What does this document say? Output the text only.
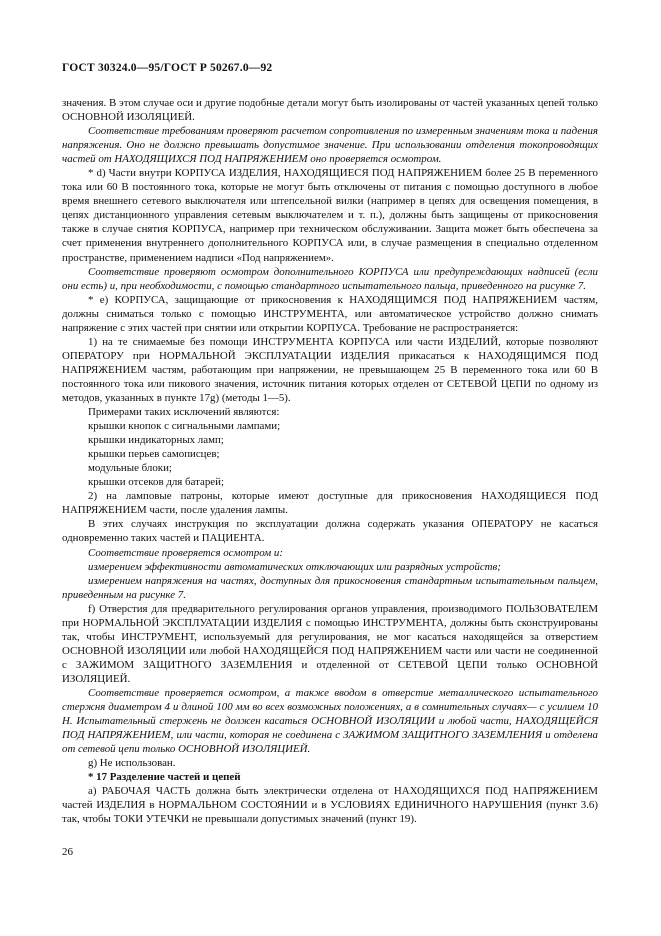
ГОСТ 30324.0—95/ГОСТ Р 50267.0—92

значения. В этом случае оси и другие подобные детали могут быть изолированы от частей указанных цепей только ОСНОВНОЙ ИЗОЛЯЦИЕЙ.

Соответствие требованиям проверяют расчетом сопротивления по измеренным значениям тока и падения напряжения. Оно не должно превышать допустимое значение. При использовании отделения токопроводящих частей от НАХОДЯЩИХСЯ ПОД НАПРЯЖЕНИЕМ оно проверяется осмотром.

* d) Части внутри КОРПУСА ИЗДЕЛИЯ, НАХОДЯЩИЕСЯ ПОД НАПРЯЖЕНИЕМ более 25 В переменного тока или 60 В постоянного тока, которые не могут быть отключены от питания с помощью доступного в любое время внешнего сетевого выключателя или штепсельной вилки (например в цепях для освещения помещения, в цепях дистанционного управления сетевым выключателем и т. п.), должны быть защищены от прикосновения также в случае снятия КОРПУСА, например при техническом обслуживании. Защита может быть обеспечена за счет применения внутреннего дополнительного КОРПУСА или, в случае размещения в специально отделенном пространстве, применением надписи «Под напряжением».

Соответствие проверяют осмотром дополнительного КОРПУСА или предупреждающих надписей (если они есть) и, при необходимости, с помощью стандартного испытательного пальца, приведенного на рисунке 7.

* е) КОРПУСА, защищающие от прикосновения к НАХОДЯЩИМСЯ ПОД НАПРЯЖЕНИЕМ частям, должны сниматься только с помощью ИНСТРУМЕНТА, или автоматическое устройство должно снимать напряжение с этих частей при снятии или открытии КОРПУСА. Требование не распространяется:

1) на те снимаемые без помощи ИНСТРУМЕНТА КОРПУСА или части ИЗДЕЛИЙ, которые позволяют ОПЕРАТОРУ при НОРМАЛЬНОЙ ЭКСПЛУАТАЦИИ ИЗДЕЛИЯ прикасаться к НАХОДЯЩИМСЯ ПОД НАПРЯЖЕНИЕМ частям, работающим при напряжении, не превышающем 25 В переменного тока или 60 В постоянного тока или пикового значения, источник питания которых отделен от СЕТЕВОЙ ЦЕПИ по одному из методов, указанных в пункте 17g) (методы 1—5).

Примерами таких исключений являются:

крышки кнопок с сигнальными лампами;

крышки индикаторных ламп;

крышки перьев самописцев;

модульные блоки;

крышки отсеков для батарей;

2) на ламповые патроны, которые имеют доступные для прикосновения НАХОДЯЩИЕСЯ ПОД НАПРЯЖЕНИЕМ части, после удаления лампы.

В этих случаях инструкция по эксплуатации должна содержать указания ОПЕРАТОРУ не касаться одновременно таких частей и ПАЦИЕНТА.

Соответствие проверяется осмотром и:

измерением эффективности автоматических отключающих или разрядных устройств;

измерением напряжения на частях, доступных для прикосновения стандартным испытательным пальцем, приведенным на рисунке 7.

f) Отверстия для предварительного регулирования органов управления, производимого ПОЛЬЗОВАТЕЛЕМ при НОРМАЛЬНОЙ ЭКСПЛУАТАЦИИ ИЗДЕЛИЯ с помощью ИНСТРУМЕНТА, должны быть сконструированы так, чтобы ИНСТРУМЕНТ, используемый для регулирования, не мог касаться находящейся за отверстием ОСНОВНОЙ ИЗОЛЯЦИИ или любой НАХОДЯЩЕЙСЯ ПОД НАПРЯЖЕНИЕМ части или части не соединенной с ЗАЖИМОМ ЗАЩИТНОГО ЗАЗЕМЛЕНИЯ и отделенной от СЕТЕВОЙ ЦЕПИ только ОСНОВНОЙ ИЗОЛЯЦИЕЙ.

Соответствие проверяется осмотром, а также вводом в отверстие металлического испытательного стержня диаметром 4 и длиной 100 мм во всех возможных положениях, а в сомнительных случаях— с усилием 10 Н. Испытательный стержень не должен касаться ОСНОВНОЙ ИЗОЛЯЦИИ и любой части, НАХОДЯЩЕЙСЯ ПОД НАПРЯЖЕНИЕМ, или части, которая не соединена с ЗАЖИМОМ ЗАЩИТНОГО ЗАЗЕМЛЕНИЯ и отделена от сетевой цепи только ОСНОВНОЙ ИЗОЛЯЦИЕЙ.

g) Не использован.

* 17 Разделение частей и цепей

а) РАБОЧАЯ ЧАСТЬ должна быть электрически отделена от НАХОДЯЩИХСЯ ПОД НАПРЯЖЕНИЕМ частей ИЗДЕЛИЯ в НОРМАЛЬНОМ СОСТОЯНИИ и в УСЛОВИЯХ ЕДИНИЧНОГО НАРУШЕНИЯ (пункт 3.6) так, чтобы ТОКИ УТЕЧКИ не превышали допустимых значений (пункт 19).

26
